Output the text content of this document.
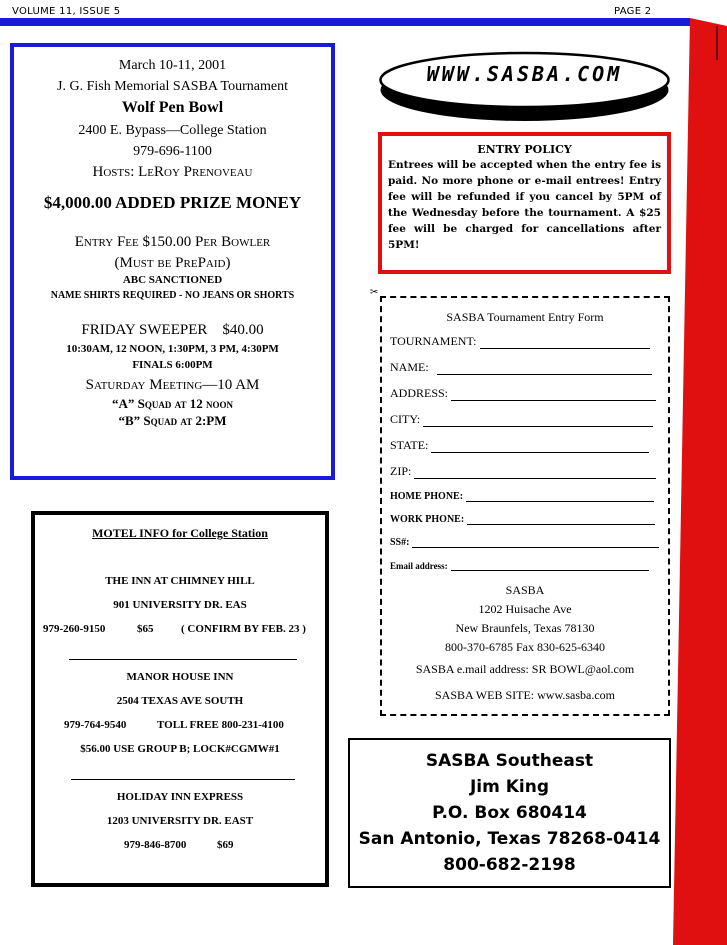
VOLUME 11, ISSUE 5	PAGE 2
March 10-11, 2001
J. G. Fish Memorial SASBA Tournament
Wolf Pen Bowl
2400 E. Bypass—College Station
979-696-1100
Hosts: LeRoy Prenoveau
$4,000.00 ADDED PRIZE MONEY
Entry Fee $150.00 Per Bowler
(Must be PrePaid)
ABC SANCTIONED
NAME SHIRTS REQUIRED - NO JEANS OR SHORTS
FRIDAY SWEEPER    $40.00
10:30AM, 12 NOON, 1:30PM, 3 PM, 4:30PM
FINALS 6:00PM
Saturday Meeting—10 AM
“A” Squad at 12 noon
“B” Squad at 2:PM
MOTEL INFO for College Station
THE INN AT CHIMNEY HILL
901 UNIVERSITY DR. EAS
979-260-9150	$65	( CONFIRM BY FEB. 23 )
MANOR HOUSE INN
2504 TEXAS AVE SOUTH
979-764-9540	TOLL FREE 800-231-4100
$56.00 USE GROUP B; LOCK#CGMW#1
HOLIDAY INN EXPRESS
1203 UNIVERSITY DR. EAST
979-846-8700	$69
WWW.SASBA.COM
ENTRY POLICY
Entrees will be accepted when the entry fee is paid. No more phone or e-mail entrees! Entry fee will be refunded if you cancel by 5PM of the Wednesday before the tournament. A $25 fee will be charged for cancellations after 5PM!
✂
SASBA Tournament Entry Form
TOURNAMENT:
NAME:
ADDRESS:
CITY:
STATE:
ZIP:
HOME PHONE:
WORK PHONE:
SS#:
Email address:
SASBA
1202 Huisache Ave
New Braunfels, Texas 78130
800-370-6785 Fax 830-625-6340
SASBA e.mail address: SR BOWL@aol.com
SASBA WEB SITE: www.sasba.com
SASBA Southeast
Jim King
P.O. Box 680414
San Antonio, Texas 78268-0414
800-682-2198
